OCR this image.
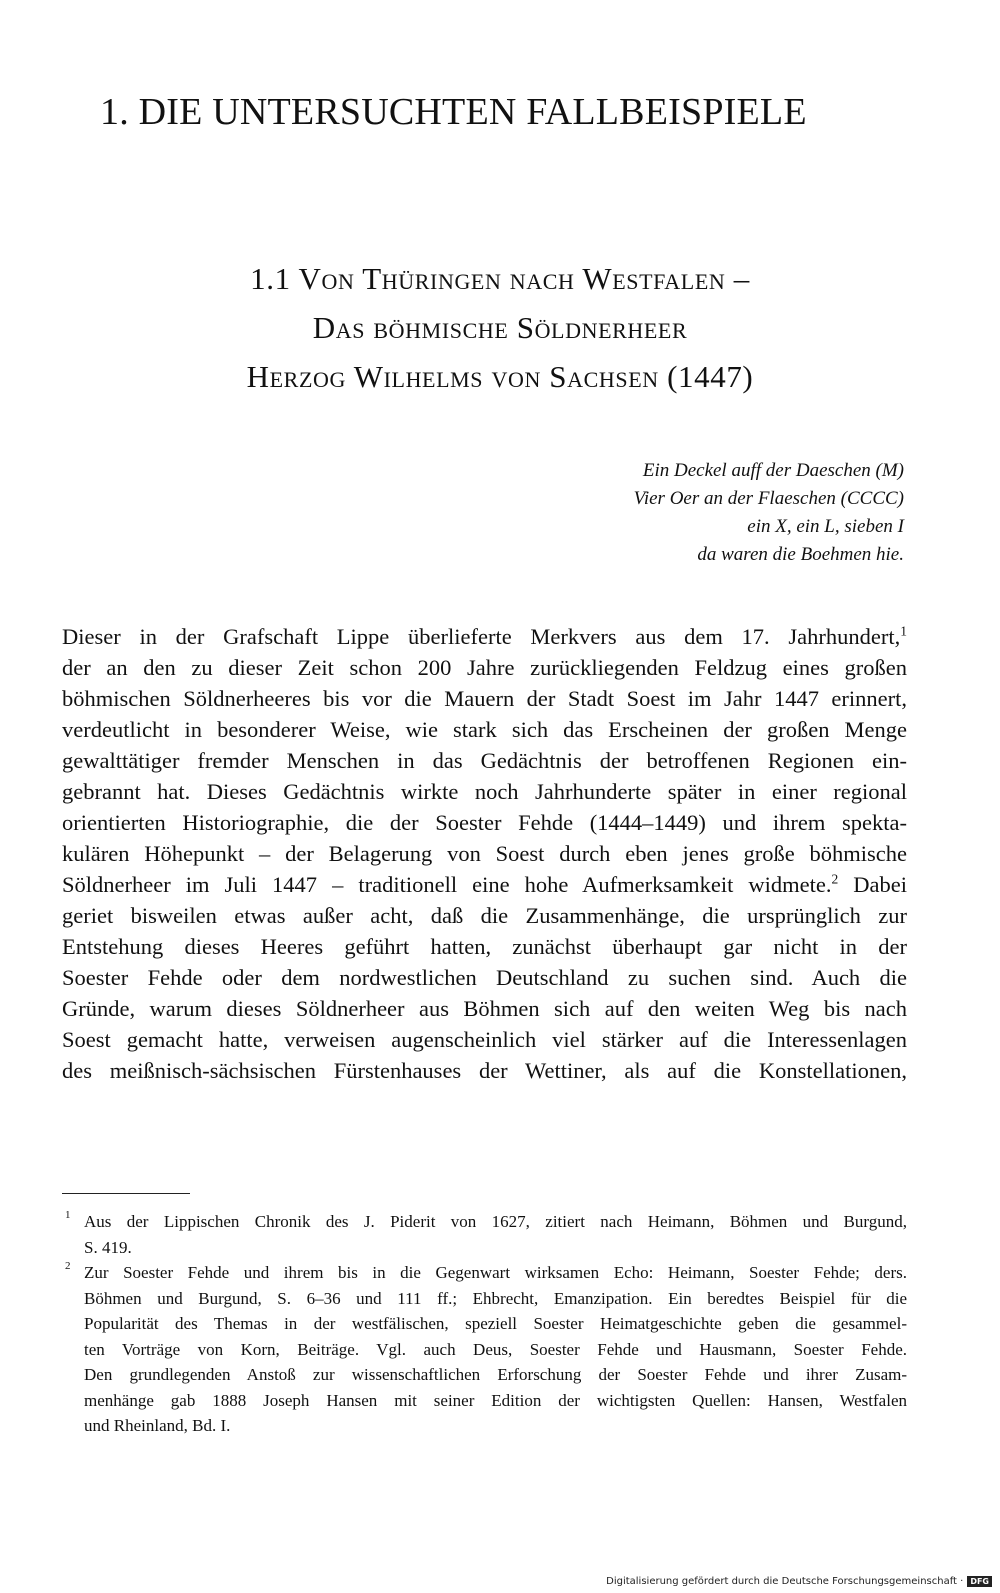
1. DIE UNTERSUCHTEN FALLBEISPIELE
1.1 Von Thüringen nach Westfalen –
Das böhmische Söldnerheer
Herzog Wilhelms von Sachsen (1447)
Ein Deckel auff der Daeschen (M)
Vier Oer an der Flaeschen (CCCC)
ein X, ein L, sieben I
da waren die Boehmen hie.
Dieser in der Grafschaft Lippe überlieferte Merkvers aus dem 17. Jahrhundert,$^1$
der an den zu dieser Zeit schon 200 Jahre zurückliegenden Feldzug eines großen
böhmischen Söldnerheeres bis vor die Mauern der Stadt Soest im Jahr 1447 erinnert,
verdeutlicht in besonderer Weise, wie stark sich das Erscheinen der großen Menge
gewalttätiger fremder Menschen in das Gedächtnis der betroffenen Regionen ein-
gebrannt hat. Dieses Gedächtnis wirkte noch Jahrhunderte später in einer regional
orientierten Historiographie, die der Soester Fehde (1444–1449) und ihrem spekta-
kulären Höhepunkt – der Belagerung von Soest durch eben jenes große böhmische
Söldnerheer im Juli 1447 – traditionell eine hohe Aufmerksamkeit widmete.$^2$ Dabei
geriet bisweilen etwas außer acht, daß die Zusammenhänge, die ursprünglich zur
Entstehung dieses Heeres geführt hatten, zunächst überhaupt gar nicht in der
Soester Fehde oder dem nordwestlichen Deutschland zu suchen sind. Auch die
Gründe, warum dieses Söldnerheer aus Böhmen sich auf den weiten Weg bis nach
Soest gemacht hatte, verweisen augenscheinlich viel stärker auf die Interessenlagen
des meißnisch-sächsischen Fürstenhauses der Wettiner, als auf die Konstellationen,
1 Aus der Lippischen Chronik des J. Piderit von 1627, zitiert nach Heimann, Böhmen und Burgund,
S. 419.
2 Zur Soester Fehde und ihrem bis in die Gegenwart wirksamen Echo: Heimann, Soester Fehde; ders.
Böhmen und Burgund, S. 6–36 und 111 ff.; Ehbrecht, Emanzipation. Ein beredtes Beispiel für die
Popularität des Themas in der westfälischen, speziell Soester Heimatgeschichte geben die gesammel-
ten Vorträge von Korn, Beiträge. Vgl. auch Deus, Soester Fehde und Hausmann, Soester Fehde.
Den grundlegenden Anstoß zur wissenschaftlichen Erforschung der Soester Fehde und ihrer Zusam-
menhänge gab 1888 Joseph Hansen mit seiner Edition der wichtigsten Quellen: Hansen, Westfalen
und Rheinland, Bd. I.
Digitalisierung gefördert durch die Deutsche Forschungsgemeinschaft · DFG
